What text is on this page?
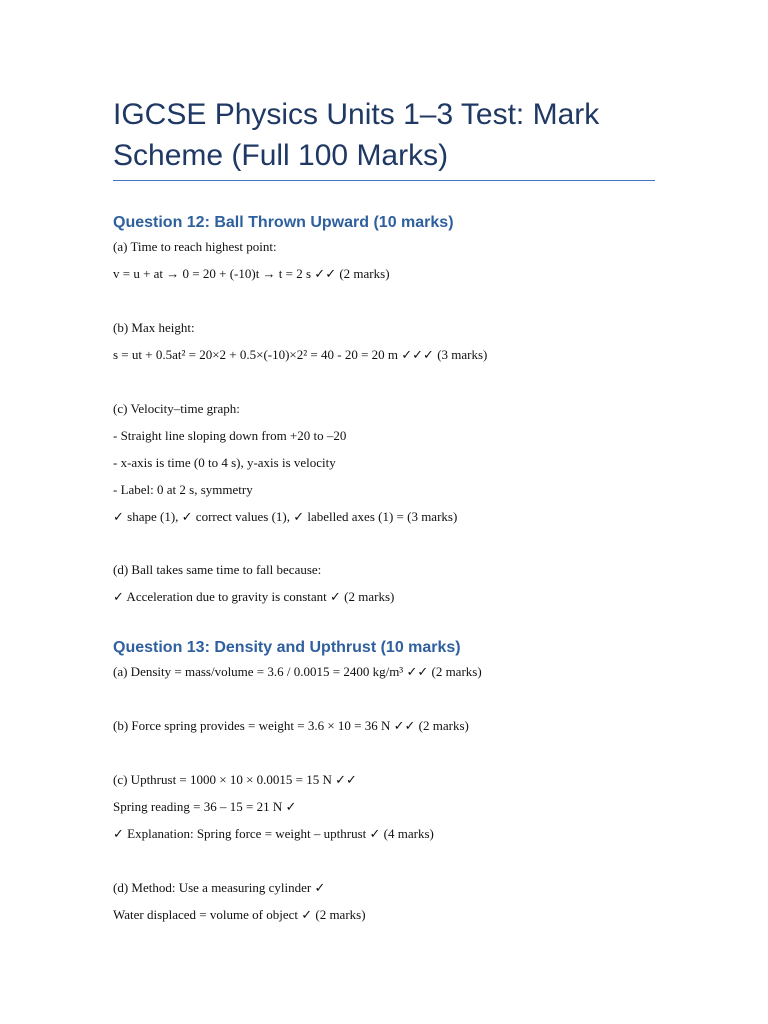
IGCSE Physics Units 1–3 Test: Mark Scheme (Full 100 Marks)
Question 12: Ball Thrown Upward (10 marks)

(a) Time to reach highest point:

v = u + at → 0 = 20 + (-10)t → t = 2 s ✓✓ (2 marks)

(b) Max height:

s = ut + 0.5at² = 20×2 + 0.5×(-10)×2² = 40 - 20 = 20 m ✓✓✓ (3 marks)

(c) Velocity–time graph:

- Straight line sloping down from +20 to –20

- x-axis is time (0 to 4 s), y-axis is velocity

- Label: 0 at 2 s, symmetry

✓ shape (1), ✓ correct values (1), ✓ labelled axes (1) = (3 marks)

(d) Ball takes same time to fall because:

✓ Acceleration due to gravity is constant ✓ (2 marks)

Question 13: Density and Upthrust (10 marks)

(a) Density = mass/volume = 3.6 / 0.0015 = 2400 kg/m³ ✓✓ (2 marks)

(b) Force spring provides = weight = 3.6 × 10 = 36 N ✓✓ (2 marks)

(c) Upthrust = 1000 × 10 × 0.0015 = 15 N ✓✓

Spring reading = 36 – 15 = 21 N ✓

✓ Explanation: Spring force = weight – upthrust ✓ (4 marks)

(d) Method: Use a measuring cylinder ✓

Water displaced = volume of object ✓ (2 marks)
